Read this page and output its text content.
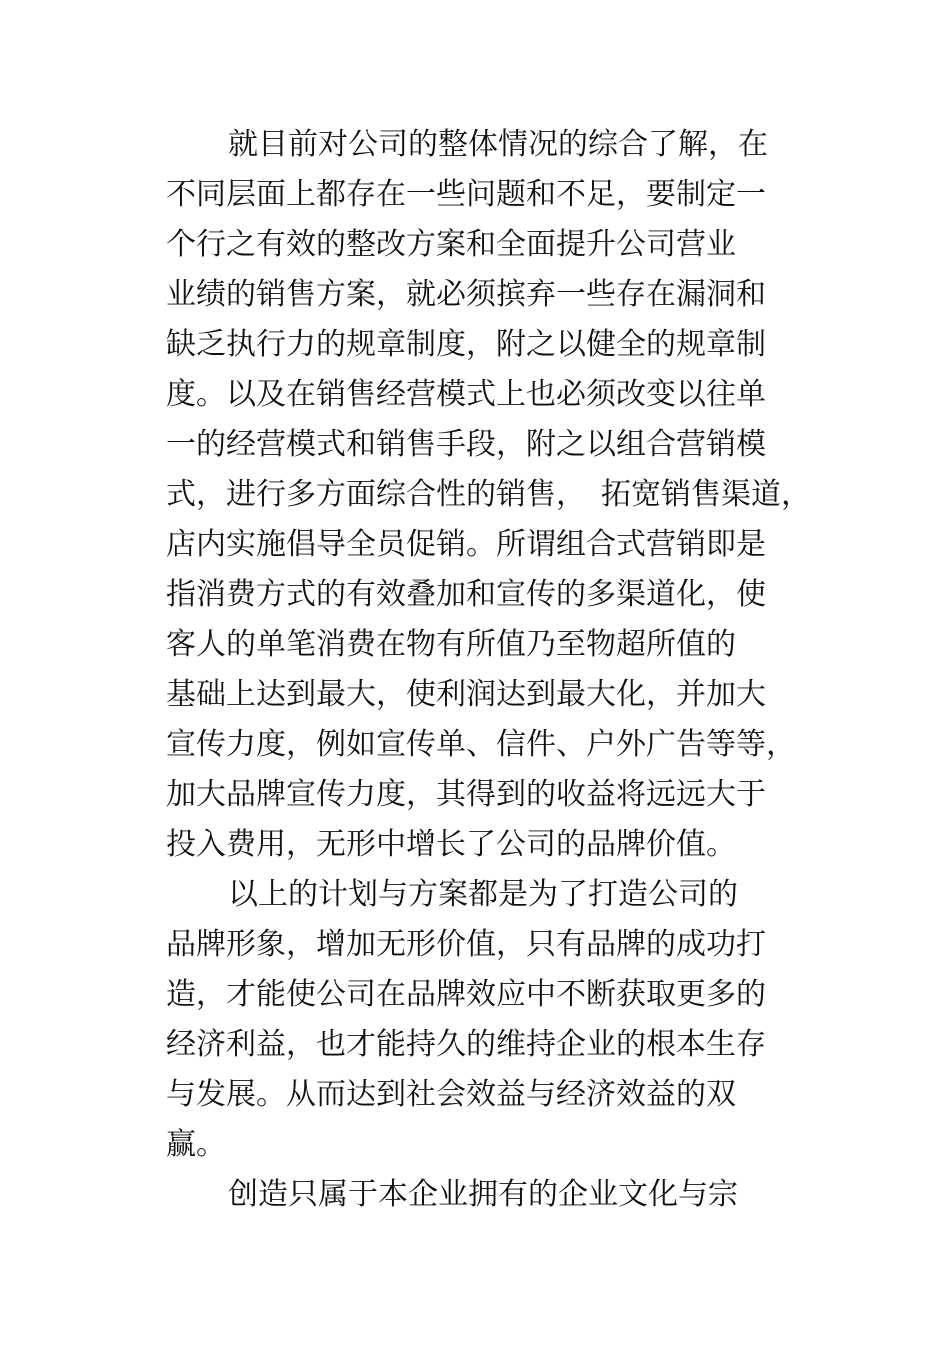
就目前对公司的整体情况的综合了解，在
不同层面上都存在一些问题和不足，要制定一
个行之有效的整改方案和全面提升公司营业
业绩的销售方案，就必须摈弃一些存在漏洞和
缺乏执行力的规章制度，附之以健全的规章制
度。以及在销售经营模式上也必须改变以往单
一的经营模式和销售手段，附之以组合营销模
式，进行多方面综合性的销售，　拓宽销售渠道，
店内实施倡导全员促销。所谓组合式营销即是
指消费方式的有效叠加和宣传的多渠道化，使
客人的单笔消费在物有所值乃至物超所值的
基础上达到最大，使利润达到最大化，并加大
宣传力度，例如宣传单、信件、户外广告等等，
加大品牌宣传力度，其得到的收益将远远大于
投入费用，无形中增长了公司的品牌价值。
以上的计划与方案都是为了打造公司的
品牌形象，增加无形价值，只有品牌的成功打
造，才能使公司在品牌效应中不断获取更多的
经济利益，也才能持久的维持企业的根本生存
与发展。从而达到社会效益与经济效益的双
赢。
创造只属于本企业拥有的企业文化与宗
